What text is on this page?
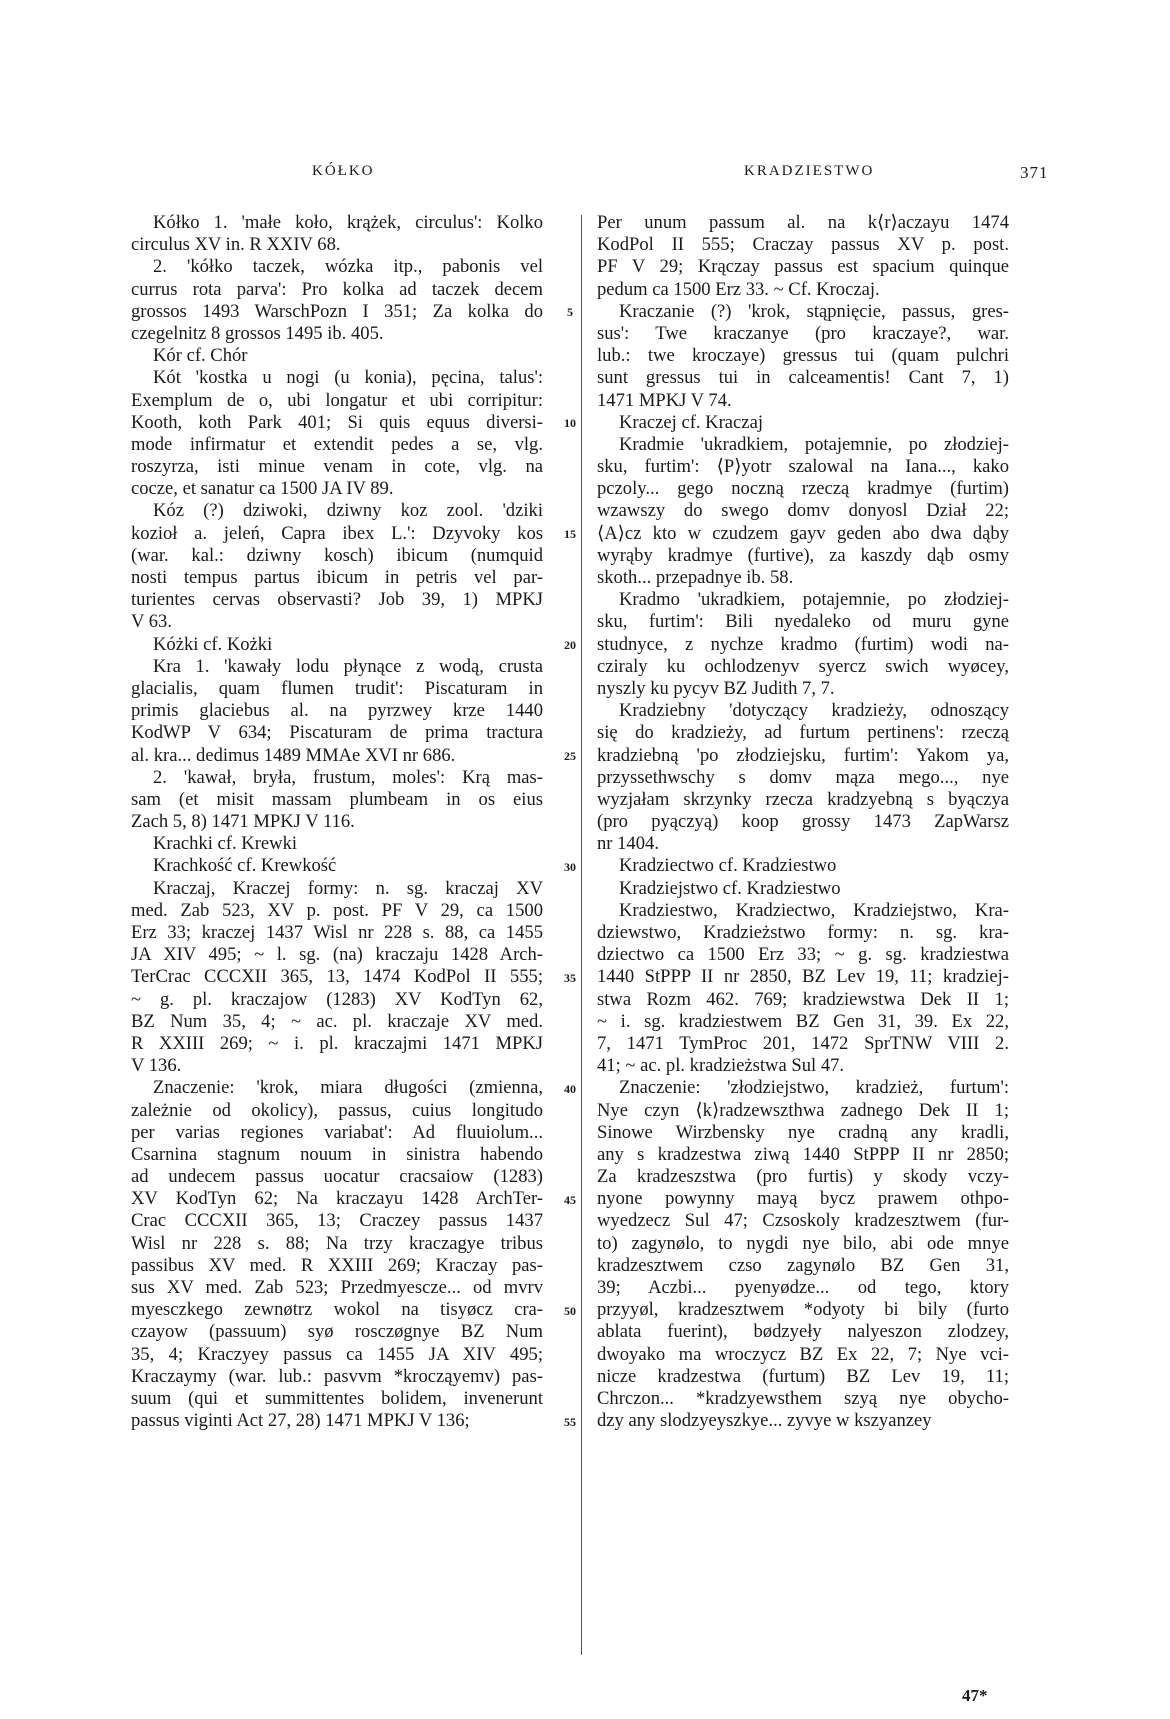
KÓŁKO	KRADZIESTWO	371
Kółko 1. 'małe koło, krążek, circulus': Kolko
circulus XV in. R XXIV 68.
2. 'kółko taczek, wózka itp., pabonis vel
currus rota parva': Pro kolka ad taczek decem
grossos 1493 WarschPozn I 351; Za kolka do
czegelnitz 8 grossos 1495 ib. 405.
Kór cf. Chór
Kót 'kostka u nogi (u konia), pęcina, talus':
Exemplum de o, ubi longatur et ubi corripitur:
Kooth, koth Park 401; Si quis equus diversi-
mode infirmatur et extendit pedes a se, vlg.
roszyrza, isti minue venam in cote, vlg. na
cocze, et sanatur ca 1500 JA IV 89.
Kóz (?) dziwoki, dziwny koz zool. 'dziki
kozioł a. jeleń, Capra ibex L.': Dzyvoky kos
(war. kal.: dziwny kosch) ibicum (numquid
nosti tempus partus ibicum in petris vel par-
turientes cervas observasti? Job 39, 1) MPKJ
V 63.
Kóżki cf. Kożki
Kra 1. 'kawały lodu płynące z wodą, crusta
glacialis, quam flumen trudit': Piscaturam in
primis glaciebus al. na pyrzwey krze 1440
KodWP V 634; Piscaturam de prima tractura
al. kra... dedimus 1489 MMAe XVI nr 686.
2. 'kawał, bryła, frustum, moles': Krą mas-
sam (et misit massam plumbeam in os eius
Zach 5, 8) 1471 MPKJ V 116.
Krachki cf. Krewki
Krachkość cf. Krewkość
Kraczaj, Kraczej formy: n. sg. kraczaj XV
med. Zab 523, XV p. post. PF V 29, ca 1500
Erz 33; kraczej 1437 Wisl nr 228 s. 88, ca 1455
JA XIV 495; ~ l. sg. (na) kraczaju 1428 Arch-
TerCrac CCCXII 365, 13, 1474 KodPol II 555;
~ g. pl. kraczajow (1283) XV KodTyn 62,
BZ Num 35, 4; ~ ac. pl. kraczaje XV med.
R XXIII 269; ~ i. pl. kraczajmi 1471 MPKJ
V 136.
Znaczenie: 'krok, miara długości (zmienna,
zależnie od okolicy), passus, cuius longitudo
per varias regiones variabat': Ad fluuiolum...
Csarnina stagnum nouum in sinistra habendo
ad undecem passus uocatur cracsaiow (1283)
XV KodTyn 62; Na kraczayu 1428 ArchTer-
Crac CCCXII 365, 13; Craczey passus 1437
Wisl nr 228 s. 88; Na trzy kraczagye tribus
passibus XV med. R XXIII 269; Kraczay pas-
sus XV med. Zab 523; Przedmyescze... od mvrv
myesczkego zewnøtrz wokol na tisyøcz cra-
czayow (passuum) syø rosczøgnye BZ Num
35, 4; Kraczyey passus ca 1455 JA XIV 495;
Kraczaymy (war. lub.: pasvvm *krocząyemv) pas-
suum (qui et summittentes bolidem, invenerunt
passus viginti Act 27, 28) 1471 MPKJ V 136;
5
10
15
20
25
30
35
40
45
50
55
Per unum passum al. na k⟨r⟩aczayu 1474
KodPol II 555; Craczay passus XV p. post.
PF V 29; Krączay passus est spacium quinque
pedum ca 1500 Erz 33. ~ Cf. Kroczaj.
Kraczanie (?) 'krok, stąpnięcie, passus, gres-
sus': Twe kraczanye (pro kraczaye?, war.
lub.: twe kroczaye) gressus tui (quam pulchri
sunt gressus tui in calceamentis! Cant 7, 1)
1471 MPKJ V 74.
Kraczej cf. Kraczaj
Kradmie 'ukradkiem, potajemnie, po złodziej-
sku, furtim': ⟨P⟩yotr szalowal na Iana..., kako
pczoly... gego noczną rzeczą kradmye (furtim)
wzawszy do swego domv donyosl Dział 22;
⟨A⟩cz kto w czudzem gayv geden abo dwa dąby
wyrąby kradmye (furtive), za kaszdy dąb osmy
skoth... przepadnye ib. 58.
Kradmo 'ukradkiem, potajemnie, po złodziej-
sku, furtim': Bili nyedaleko od muru gyne
studnyce, z nychze kradmo (furtim) wodi na-
cziraly ku ochlodzenyv syercz swich wyøcey,
nyszly ku pycyv BZ Judith 7, 7.
Kradziebny 'dotyczący kradzieży, odnoszący
się do kradzieży, ad furtum pertinens': rzeczą
kradziebną 'po złodziejsku, furtim': Yakom ya,
przyssethwschy s domv mąza mego..., nye
wyzjałam skrzynky rzecza kradzyebną s byączya
(pro pyączyą) koop grossy 1473 ZapWarsz
nr 1404.
Kradziectwo cf. Kradziestwo
Kradziejstwo cf. Kradziestwo
Kradziestwo, Kradziectwo, Kradziejstwo, Kra-
dziewstwo, Kradzieżstwo formy: n. sg. kra-
dziectwo ca 1500 Erz 33; ~ g. sg. kradziestwa
1440 StPPP II nr 2850, BZ Lev 19, 11; kradziej-
stwa Rozm 462. 769; kradziewstwa Dek II 1;
~ i. sg. kradziestwem BZ Gen 31, 39. Ex 22,
7, 1471 TymProc 201, 1472 SprTNW VIII 2.
41; ~ ac. pl. kradzieżstwa Sul 47.
Znaczenie: 'złodziejstwo, kradzież, furtum':
Nye czyn ⟨k⟩radzewszthwa zadnego Dek II 1;
Sinowe Wirzbensky nye cradną any kradli,
any s kradzestwa ziwą 1440 StPPP II nr 2850;
Za kradzeszstwa (pro furtis) y skody vczy-
nyone powynny mayą bycz prawem othpo-
wyedzecz Sul 47; Czsoskoly kradzesztwem (fur-
to) zagynølo, to nygdi nye bilo, abi ode mnye
kradzesztwem czso zagynølo BZ Gen 31,
39; Aczbi... pyenyødze... od tego, ktory
przyyøl, kradzesztwem *odyoty bi bily (furto
ablata fuerint), bødzyeły nalyeszon zlodzey,
dwoyako ma wroczycz BZ Ex 22, 7; Nye vci-
nicze kradzestwa (furtum) BZ Lev 19, 11;
Chrczon... *kradzyewsthem szyą nye obycho-
dzy any slodzyeyszkye... zyvye w kszyanzey
47*
